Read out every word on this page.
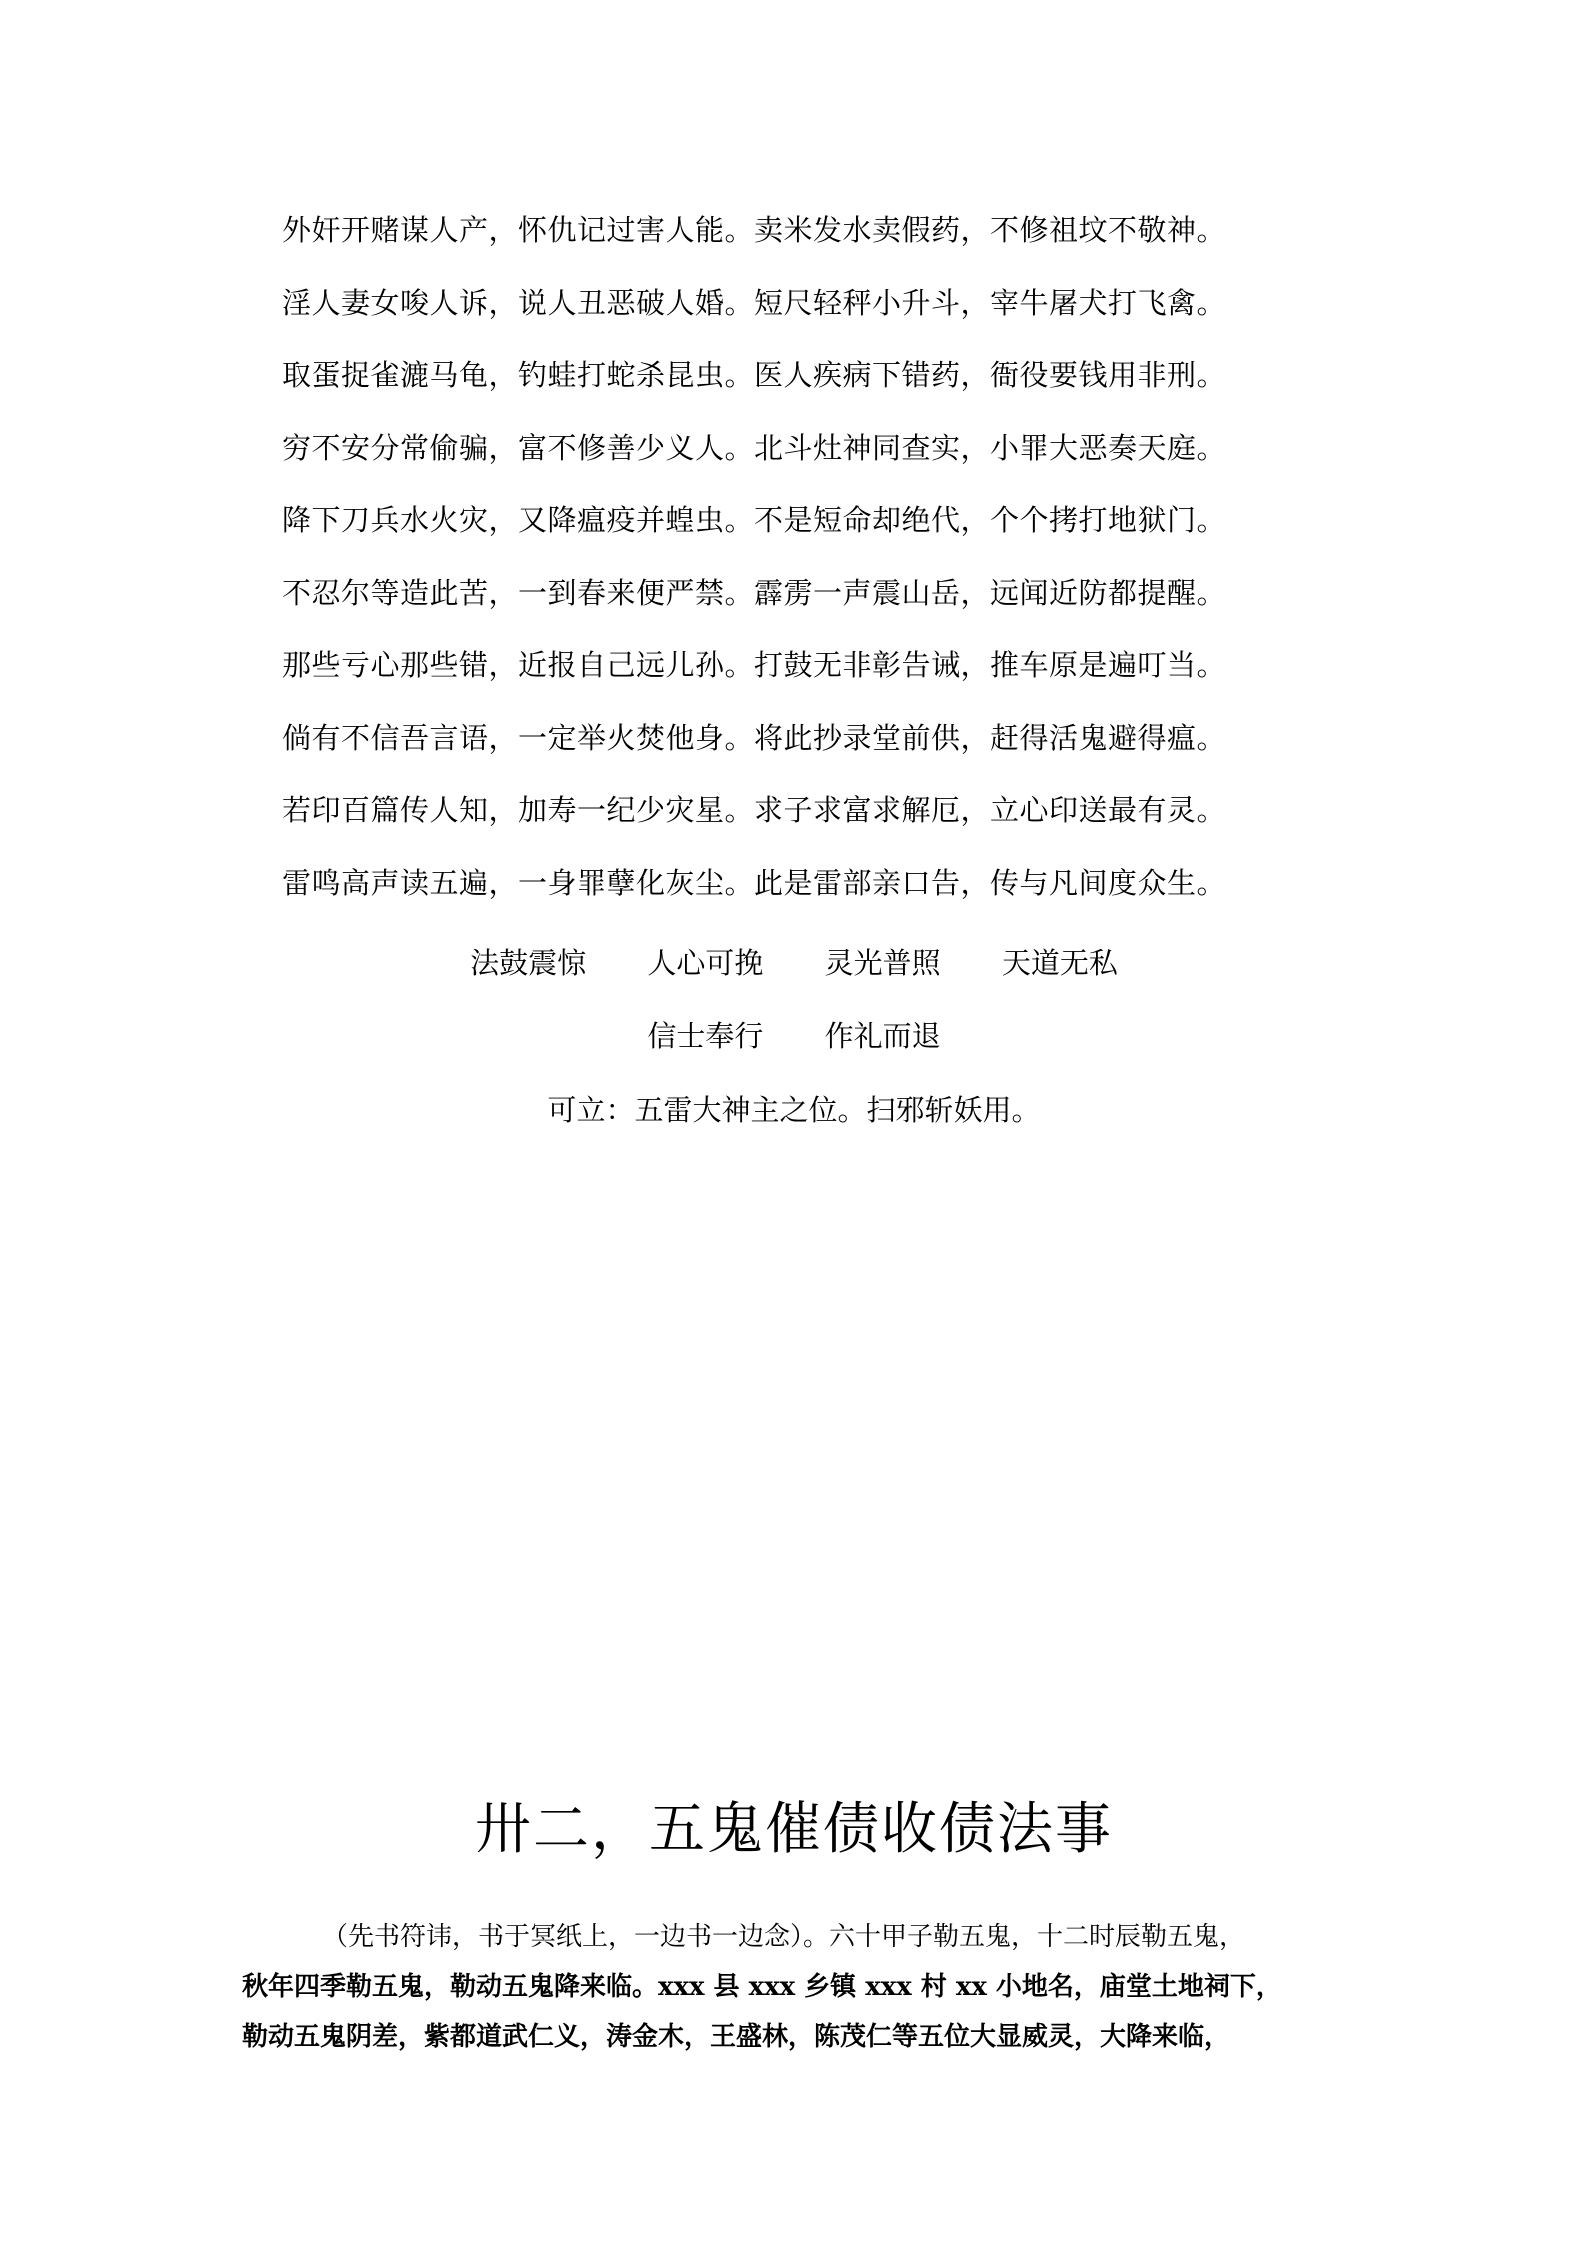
外奸开赌谋人产，怀仇记过害人能。卖米发水卖假药，不修祖坟不敬神。
淫人妻女唆人诉，说人丑恶破人婚。短尺轻秤小升斗，宰牛屠犬打飞禽。
取蛋捉雀漉马龟，钓蛙打蛇杀昆虫。医人疾病下错药，衙役要钱用非刑。
穷不安分常偷骗，富不修善少义人。北斗灶神同查实，小罪大恶奏天庭。
降下刀兵水火灾，又降瘟疫并蝗虫。不是短命却绝代，个个拷打地狱门。
不忍尔等造此苦，一到春来便严禁。霹雳一声震山岳，远闻近防都提醒。
那些亏心那些错，近报自己远儿孙。打鼓无非彰告诫，推车原是遍叮当。
倘有不信吾言语，一定举火焚他身。将此抄录堂前供，赶得活鬼避得瘟。
若印百篇传人知，加寿一纪少灾星。求子求富求解厄，立心印送最有灵。
雷鸣高声读五遍，一身罪孽化灰尘。此是雷部亲口告，传与凡间度众生。
法鼓震惊 人心可挽 灵光普照 天道无私
信士奉行 作礼而退
可立：五雷大神主之位。扫邪斩妖用。
卅二，五鬼催债收债法事
（先书符讳，书于冥纸上，一边书一边念）。六十甲子勒五鬼，十二时辰勒五鬼，
秋年四季勒五鬼，勒动五鬼降来临。xxx 县 xxx 乡镇 xxx 村 xx 小地名，庙堂土地祠下，
勒动五鬼阴差，紫都道武仁义，涛金木，王盛林，陈茂仁等五位大显威灵，大降来临，
